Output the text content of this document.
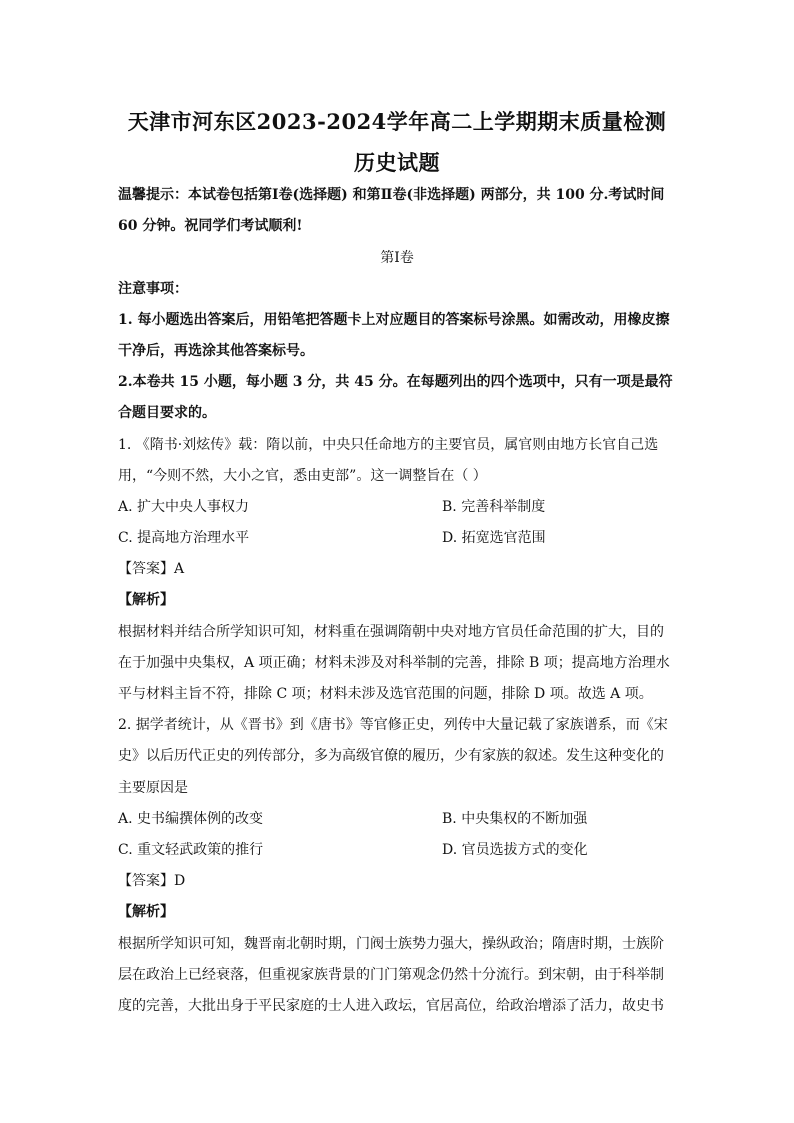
天津市河东区2023-2024学年高二上学期期末质量检测
历史试题
温馨提示：本试卷包括第Ⅰ卷(选择题) 和第Ⅱ卷(非选择题) 两部分，共 100 分.考试时间
60 分钟。祝同学们考试顺利!
第Ⅰ卷
注意事项：
1. 每小题选出答案后，用铅笔把答题卡上对应题目的答案标号涂黑。如需改动，用橡皮擦
干净后，再选涂其他答案标号。
2.本卷共 15 小题，每小题 3 分，共 45 分。在每题列出的四个选项中，只有一项是最符
合题目要求的。
1. 《隋书·刘炫传》载：隋以前，中央只任命地方的主要官员，属官则由地方长官自己选
用，“今则不然，大小之官，悉由吏部”。这一调整旨在（ ）
A. 扩大中央人事权力	B. 完善科举制度
C. 提高地方治理水平	D. 拓宽选官范围
【答案】A
【解析】
根据材料并结合所学知识可知，材料重在强调隋朝中央对地方官员任命范围的扩大，目的
在于加强中央集权，A 项正确；材料未涉及对科举制的完善，排除 B 项；提高地方治理水
平与材料主旨不符，排除 C 项；材料未涉及选官范围的问题，排除 D 项。故选 A 项。
2. 据学者统计，从《晋书》到《唐书》等官修正史，列传中大量记载了家族谱系，而《宋
史》以后历代正史的列传部分，多为高级官僚的履历，少有家族的叙述。发生这种变化的
主要原因是
A. 史书编撰体例的改变	B. 中央集权的不断加强
C. 重文轻武政策的推行	D. 官员选拔方式的变化
【答案】D
【解析】
根据所学知识可知，魏晋南北朝时期，门阀士族势力强大，操纵政治；隋唐时期，士族阶
层在政治上已经衰落，但重视家族背景的门门第观念仍然十分流行。到宋朝，由于科举制
度的完善，大批出身于平民家庭的士人进入政坛，官居高位，给政治增添了活力，故史书
